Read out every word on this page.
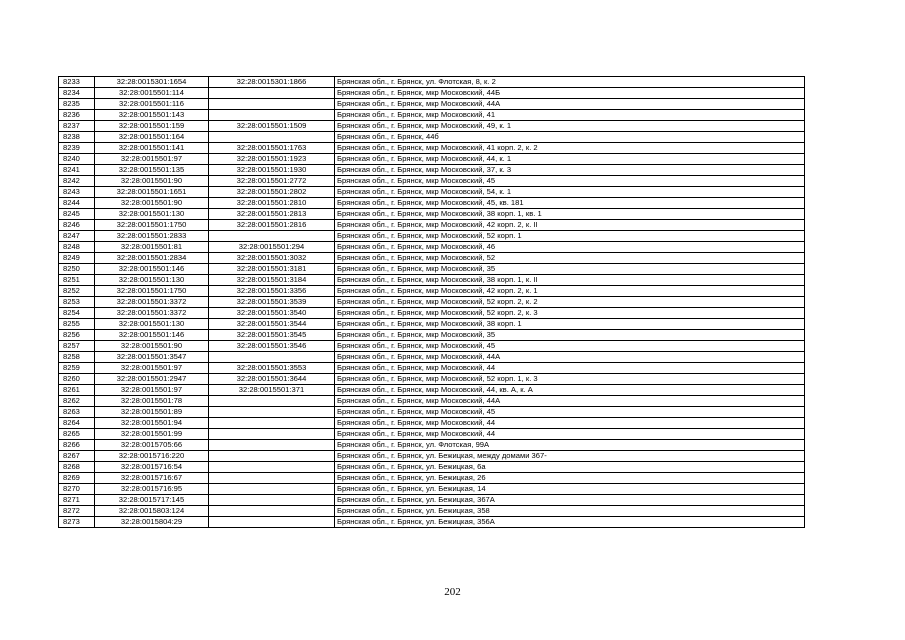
8233	32:28:0015301:1654	32:28:0015301:1866	Брянская обл., г. Брянск, ул. Флотская, 8, к. 2
8234	32:28:0015501:114		Брянская обл., г. Брянск, мкр Московский, 44Б
8235	32:28:0015501:116		Брянская обл., г. Брянск, мкр Московский, 44А
8236	32:28:0015501:143		Брянская обл., г. Брянск, мкр Московский, 41
8237	32:28:0015501:159	32:28:0015501:1509	Брянская обл., г. Брянск, мкр Московский, 49, к. 1
8238	32:28:0015501:164		Брянская обл., г. Брянск, 44б
8239	32:28:0015501:141	32:28:0015501:1763	Брянская обл., г. Брянск, мкр Московский, 41 корп. 2, к. 2
8240	32:28:0015501:97	32:28:0015501:1923	Брянская обл., г. Брянск, мкр Московский, 44, к. 1
8241	32:28:0015501:135	32:28:0015501:1930	Брянская обл., г. Брянск, мкр Московский, 37, к. 3
8242	32:28:0015501:90	32:28:0015501:2772	Брянская обл., г. Брянск, мкр Московский, 45
8243	32:28:0015501:1651	32:28:0015501:2802	Брянская обл., г. Брянск, мкр Московский, 54, к. 1
8244	32:28:0015501:90	32:28:0015501:2810	Брянская обл., г. Брянск, мкр Московский, 45, кв. 181
8245	32:28:0015501:130	32:28:0015501:2813	Брянская обл., г. Брянск, мкр Московский, 38 корп. 1, кв. 1
8246	32:28:0015501:1750	32:28:0015501:2816	Брянская обл., г. Брянск, мкр Московский, 42 корп. 2, к. II
8247	32:28:0015501:2833		Брянская обл., г. Брянск, мкр Московский, 52 корп. 1
8248	32:28:0015501:81	32:28:0015501:294	Брянская обл., г. Брянск, мкр Московский, 46
8249	32:28:0015501:2834	32:28:0015501:3032	Брянская обл., г. Брянск, мкр Московский, 52
8250	32:28:0015501:146	32:28:0015501:3181	Брянская обл., г. Брянск, мкр Московский, 35
8251	32:28:0015501:130	32:28:0015501:3184	Брянская обл., г. Брянск, мкр Московский, 38 корп. 1, к. II
8252	32:28:0015501:1750	32:28:0015501:3356	Брянская обл., г. Брянск, мкр Московский, 42 корп. 2, к. 1
8253	32:28:0015501:3372	32:28:0015501:3539	Брянская обл., г. Брянск, мкр Московский, 52 корп. 2, к. 2
8254	32:28:0015501:3372	32:28:0015501:3540	Брянская обл., г. Брянск, мкр Московский, 52 корп. 2, к. 3
8255	32:28:0015501:130	32:28:0015501:3544	Брянская обл., г. Брянск, мкр Московский, 38 корп. 1
8256	32:28:0015501:146	32:28:0015501:3545	Брянская обл., г. Брянск, мкр Московский, 35
8257	32:28:0015501:90	32:28:0015501:3546	Брянская обл., г. Брянск, мкр Московский, 45
8258	32:28:0015501:3547		Брянская обл., г. Брянск, мкр Московский, 44А
8259	32:28:0015501:97	32:28:0015501:3553	Брянская обл., г. Брянск, мкр Московский, 44
8260	32:28:0015501:2947	32:28:0015501:3644	Брянская обл., г. Брянск, мкр Московский, 52 корп. 1, к. 3
8261	32:28:0015501:97	32:28:0015501:371	Брянская обл., г. Брянск, мкр Московский, 44, кв. А, к. А
8262	32:28:0015501:78		Брянская обл., г. Брянск, мкр Московский, 44А
8263	32:28:0015501:89		Брянская обл., г. Брянск, мкр Московский, 45
8264	32:28:0015501:94		Брянская обл., г. Брянск, мкр Московский, 44
8265	32:28:0015501:99		Брянская обл., г. Брянск, мкр Московский, 44
8266	32:28:0015705:66		Брянская обл., г. Брянск, ул. Флотская, 99А
8267	32:28:0015716:220		Брянская обл., г. Брянск, ул. Бежицкая, между домами 367-
8268	32:28:0015716:54		Брянская обл., г. Брянск, ул. Бежицкая, 6а
8269	32:28:0015716:67		Брянская обл., г. Брянск, ул. Бежицкая, 26
8270	32:28:0015716:95		Брянская обл., г. Брянск, ул. Бежицкая, 14
8271	32:28:0015717:145		Брянская обл., г. Брянск, ул. Бежицкая, 367А
8272	32:28:0015803:124		Брянская обл., г. Брянск, ул. Бежицкая, 358
8273	32:28:0015804:29		Брянская обл., г. Брянск, ул. Бежицкая, 356А
202
